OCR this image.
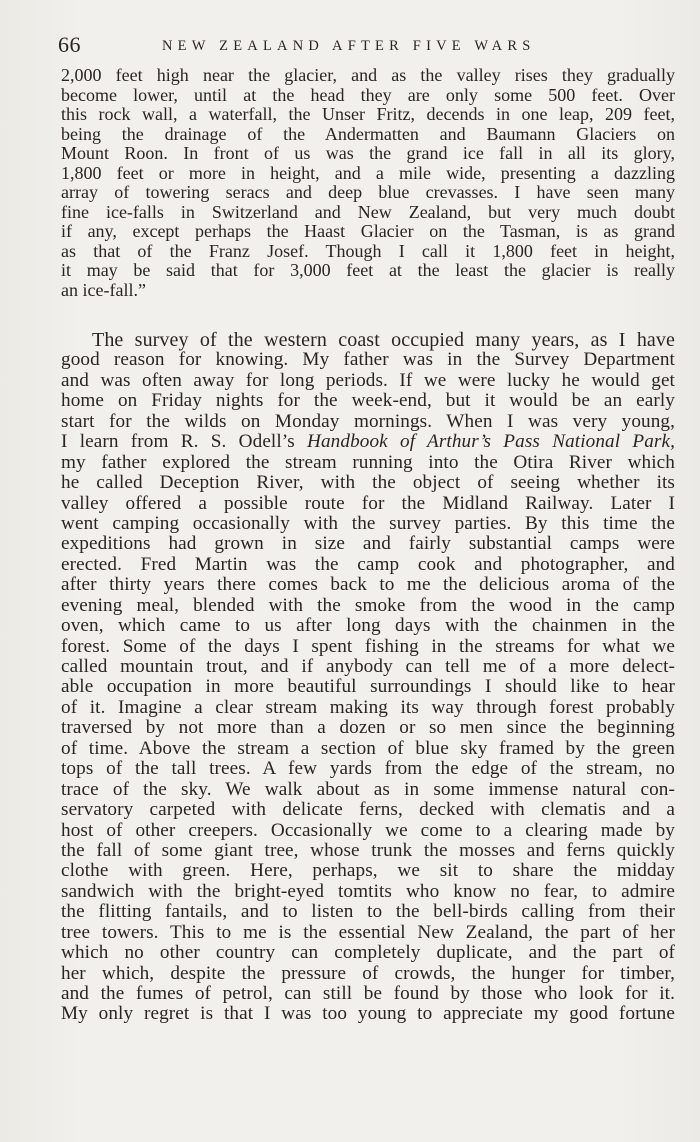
66	NEW ZEALAND AFTER FIVE WARS
2,000 feet high near the glacier, and as the valley rises they gradually
become lower, until at the head they are only some 500 feet. Over
this rock wall, a waterfall, the Unser Fritz, decends in one leap, 209 feet,
being the drainage of the Andermatten and Baumann Glaciers on
Mount Roon. In front of us was the grand ice fall in all its glory,
1,800 feet or more in height, and a mile wide, presenting a dazzling
array of towering seracs and deep blue crevasses. I have seen many
fine ice-falls in Switzerland and New Zealand, but very much doubt
if any, except perhaps the Haast Glacier on the Tasman, is as grand
as that of the Franz Josef. Though I call it 1,800 feet in height,
it may be said that for 3,000 feet at the least the glacier is really
an ice-fall.”
The survey of the western coast occupied many years, as I have
good reason for knowing. My father was in the Survey Department
and was often away for long periods. If we were lucky he would get
home on Friday nights for the week-end, but it would be an early
start for the wilds on Monday mornings. When I was very young,
I learn from R. S. Odell’s Handbook of Arthur’s Pass National Park,
my father explored the stream running into the Otira River which
he called Deception River, with the object of seeing whether its
valley offered a possible route for the Midland Railway. Later I
went camping occasionally with the survey parties. By this time the
expeditions had grown in size and fairly substantial camps were
erected. Fred Martin was the camp cook and photographer, and
after thirty years there comes back to me the delicious aroma of the
evening meal, blended with the smoke from the wood in the camp
oven, which came to us after long days with the chainmen in the
forest. Some of the days I spent fishing in the streams for what we
called mountain trout, and if anybody can tell me of a more delect-
able occupation in more beautiful surroundings I should like to hear
of it. Imagine a clear stream making its way through forest probably
traversed by not more than a dozen or so men since the beginning
of time. Above the stream a section of blue sky framed by the green
tops of the tall trees. A few yards from the edge of the stream, no
trace of the sky. We walk about as in some immense natural con-
servatory carpeted with delicate ferns, decked with clematis and a
host of other creepers. Occasionally we come to a clearing made by
the fall of some giant tree, whose trunk the mosses and ferns quickly
clothe with green. Here, perhaps, we sit to share the midday
sandwich with the bright-eyed tomtits who know no fear, to admire
the flitting fantails, and to listen to the bell-birds calling from their
tree towers. This to me is the essential New Zealand, the part of her
which no other country can completely duplicate, and the part of
her which, despite the pressure of crowds, the hunger for timber,
and the fumes of petrol, can still be found by those who look for it.
My only regret is that I was too young to appreciate my good fortune
